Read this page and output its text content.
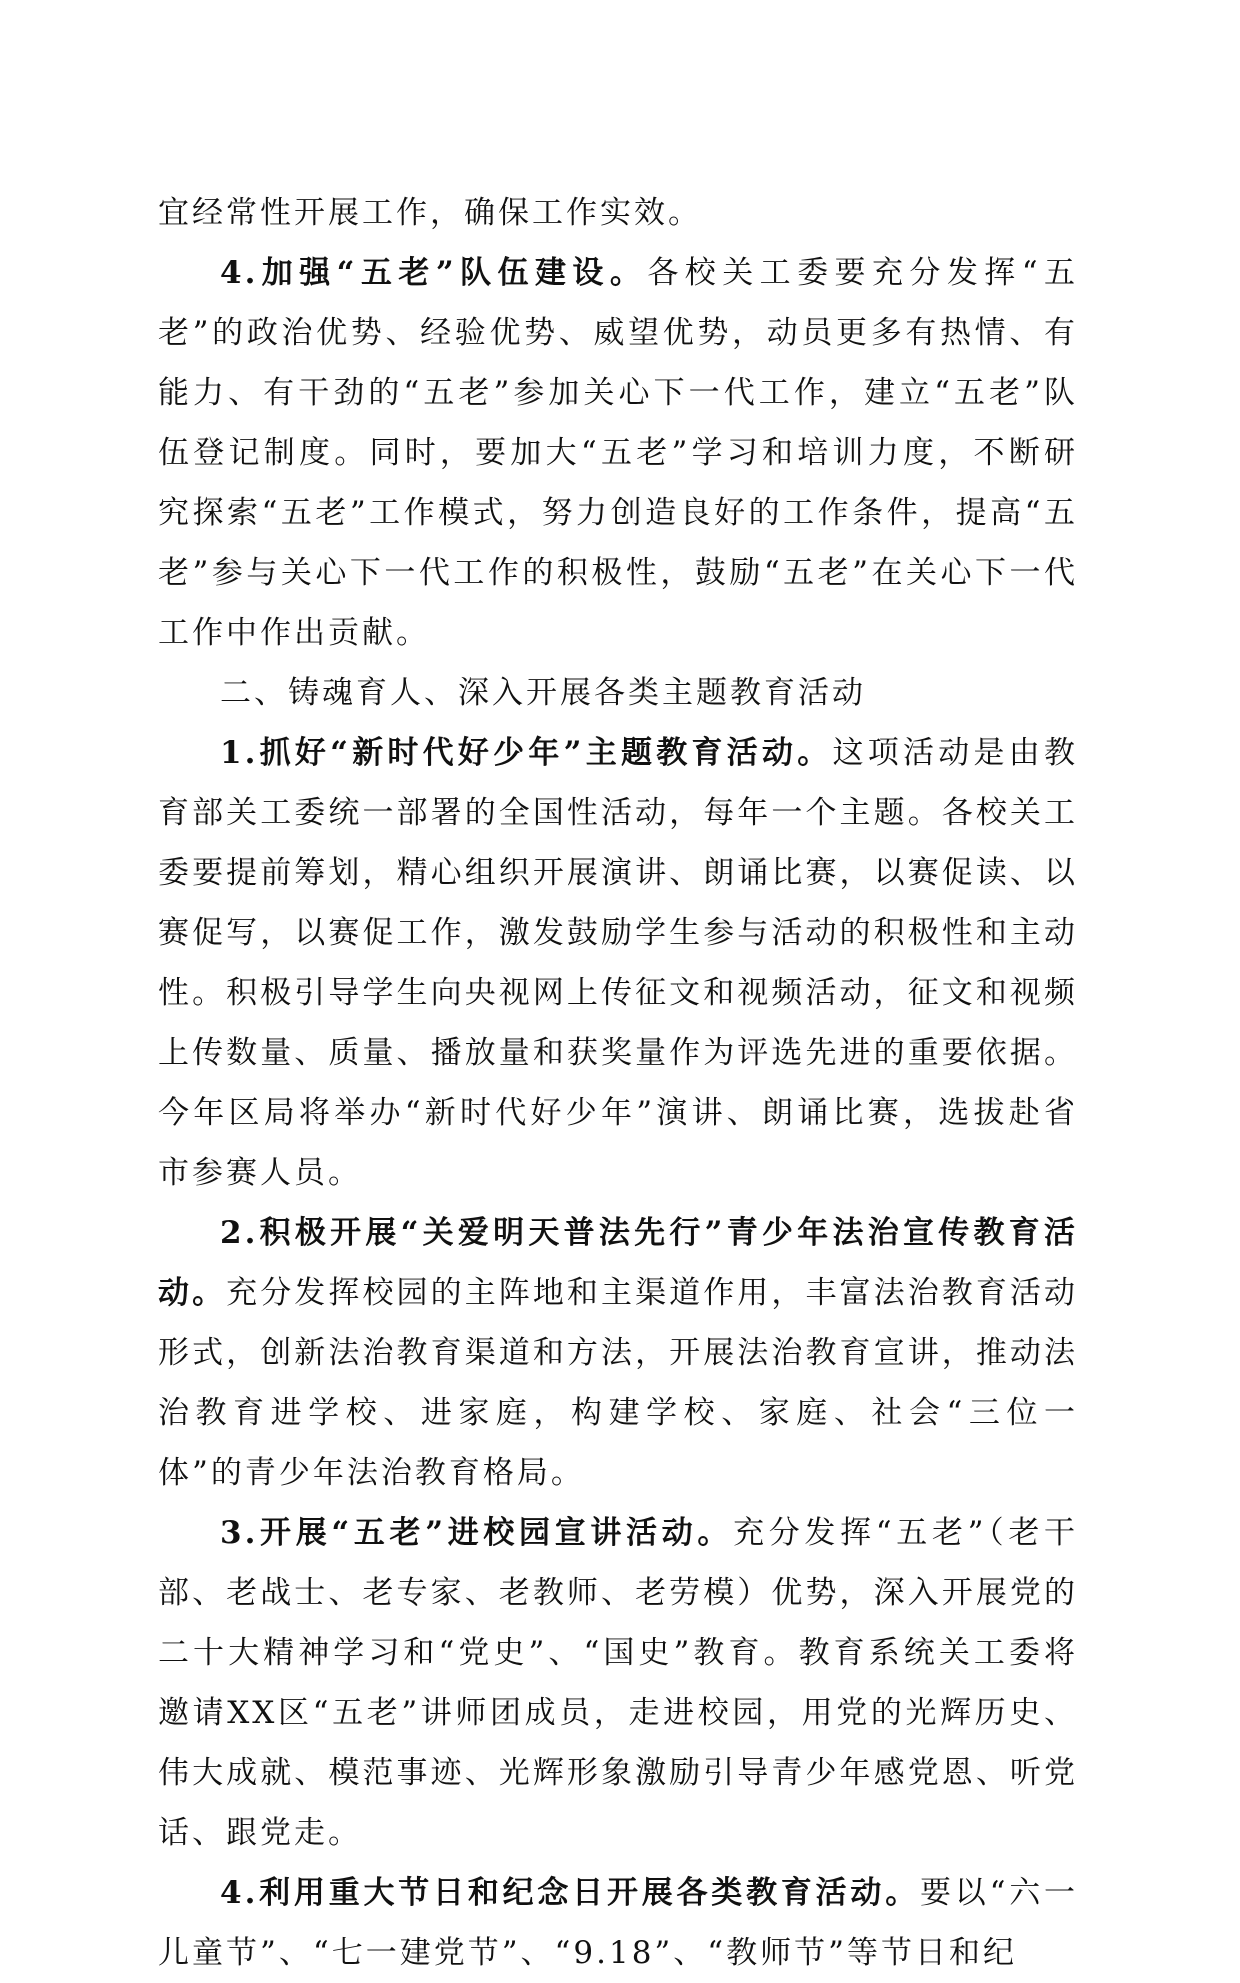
宜经常性开展工作，确保工作实效。

4.加强“五老”队伍建设。各校关工委要充分发挥“五老”的政治优势、经验优势、威望优势，动员更多有热情、有能力、有干劲的“五老”参加关心下一代工作，建立“五老”队伍登记制度。同时，要加大“五老”学习和培训力度，不断研究探索“五老”工作模式，努力创造良好的工作条件，提高“五老”参与关心下一代工作的积极性，鼓励“五老”在关心下一代工作中作出贡献。

二、铸魂育人、深入开展各类主题教育活动

1.抓好“新时代好少年”主题教育活动。这项活动是由教育部关工委统一部署的全国性活动，每年一个主题。各校关工委要提前筹划，精心组织开展演讲、朗诵比赛，以赛促读、以赛促写，以赛促工作，激发鼓励学生参与活动的积极性和主动性。积极引导学生向央视网上传征文和视频活动，征文和视频上传数量、质量、播放量和获奖量作为评选先进的重要依据。今年区局将举办“新时代好少年”演讲、朗诵比赛，选拔赴省市参赛人员。

2.积极开展“关爱明天普法先行”青少年法治宣传教育活动。充分发挥校园的主阵地和主渠道作用，丰富法治教育活动形式，创新法治教育渠道和方法，开展法治教育宣讲，推动法治教育进学校、进家庭，构建学校、家庭、社会“三位一体”的青少年法治教育格局。

3.开展“五老”进校园宣讲活动。充分发挥“五老”（老干部、老战士、老专家、老教师、老劳模）优势，深入开展党的二十大精神学习和“党史”、“国史”教育。教育系统关工委将邀请XX区“五老”讲师团成员，走进校园，用党的光辉历史、伟大成就、模范事迹、光辉形象激励引导青少年感党恩、听党话、跟党走。

4.利用重大节日和纪念日开展各类教育活动。要以“六一儿童节”、“七一建党节”、“9.18”、“教师节”等节日和纪
